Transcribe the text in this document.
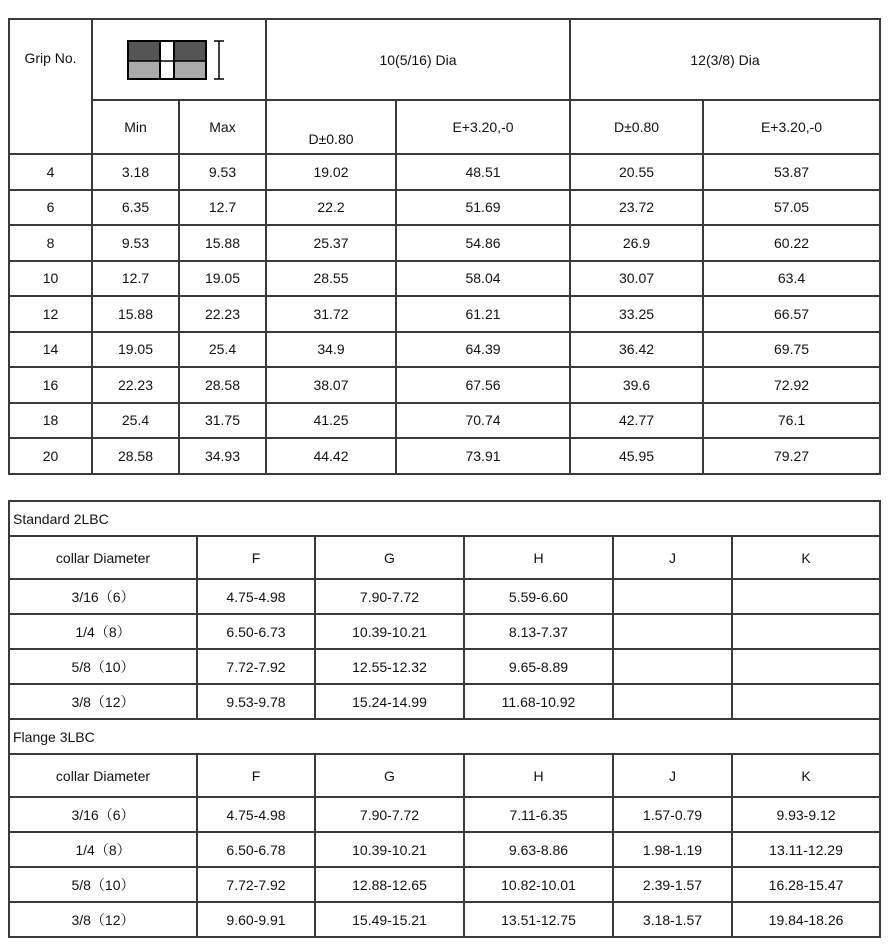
Grip No.			10(5/16) Dia		12(3/8) Dia	
	Min	Max	D±0.80	E+3.20,-0	D±0.80	E+3.20,-0
4	3.18	9.53	19.02	48.51	20.55	53.87
6	6.35	12.7	22.2	51.69	23.72	57.05
8	9.53	15.88	25.37	54.86	26.9	60.22
10	12.7	19.05	28.55	58.04	30.07	63.4
12	15.88	22.23	31.72	61.21	33.25	66.57
14	19.05	25.4	34.9	64.39	36.42	69.75
16	22.23	28.58	38.07	67.56	39.6	72.92
18	25.4	31.75	41.25	70.74	42.77	76.1
20	28.58	34.93	44.42	73.91	45.95	79.27
Standard 2LBC					
collar Diameter	F	G	H	J	K
3/16（6）	4.75-4.98	7.90-7.72	5.59-6.60		
1/4（8）	6.50-6.73	10.39-10.21	8.13-7.37		
5/8（10）	7.72-7.92	12.55-12.32	9.65-8.89		
3/8（12）	9.53-9.78	15.24-14.99	11.68-10.92		
Flange 3LBC					
collar Diameter	F	G	H	J	K
3/16（6）	4.75-4.98	7.90-7.72	7.11-6.35	1.57-0.79	9.93-9.12
1/4（8）	6.50-6.78	10.39-10.21	9.63-8.86	1.98-1.19	13.11-12.29
5/8（10）	7.72-7.92	12.88-12.65	10.82-10.01	2.39-1.57	16.28-15.47
3/8（12）	9.60-9.91	15.49-15.21	13.51-12.75	3.18-1.57	19.84-18.26
